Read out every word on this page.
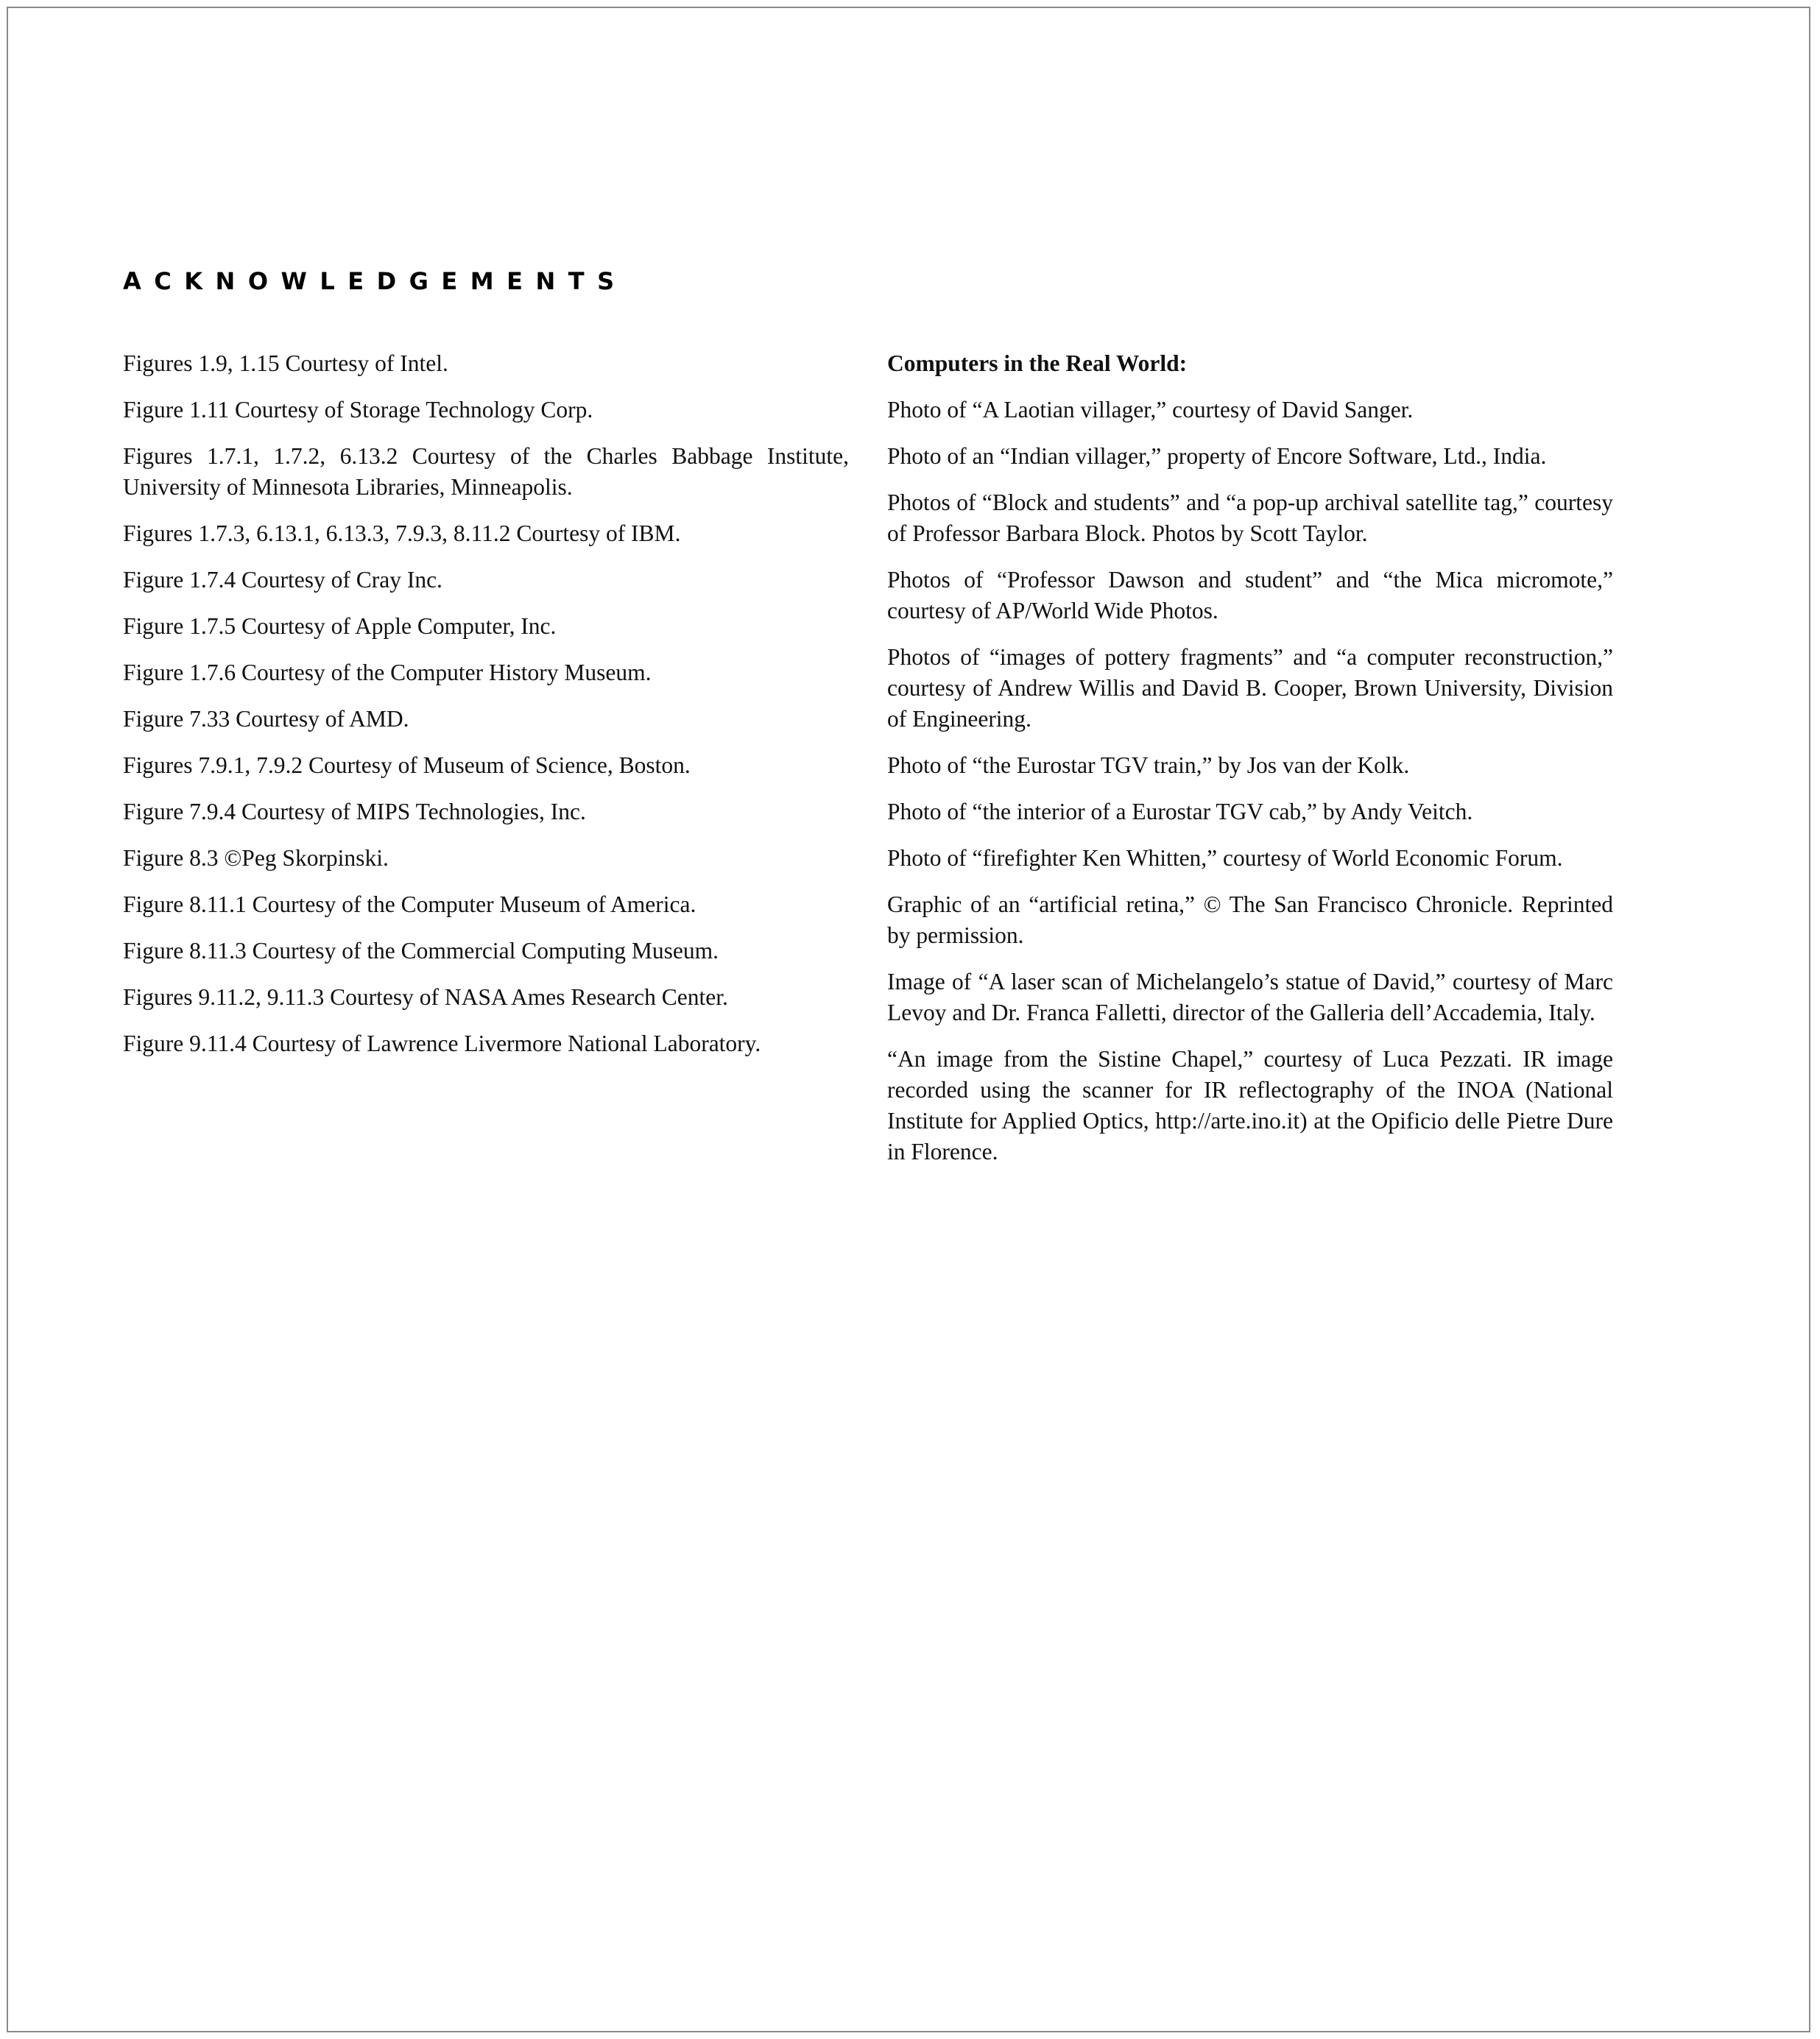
ACKNOWLEDGEMENTS

Figures 1.9, 1.15 Courtesy of Intel.

Figure 1.11 Courtesy of Storage Technology Corp.

Figures 1.7.1, 1.7.2, 6.13.2 Courtesy of the Charles Babbage Institute, University of Minnesota Libraries, Minneapolis.

Figures 1.7.3, 6.13.1, 6.13.3, 7.9.3, 8.11.2 Courtesy of IBM.

Figure 1.7.4 Courtesy of Cray Inc.

Figure 1.7.5 Courtesy of Apple Computer, Inc.

Figure 1.7.6 Courtesy of the Computer History Museum.

Figure 7.33 Courtesy of AMD.

Figures 7.9.1, 7.9.2 Courtesy of Museum of Science, Boston.

Figure 7.9.4 Courtesy of MIPS Technologies, Inc.

Figure 8.3 ©Peg Skorpinski.

Figure 8.11.1 Courtesy of the Computer Museum of America.

Figure 8.11.3 Courtesy of the Commercial Computing Museum.

Figures 9.11.2, 9.11.3 Courtesy of NASA Ames Research Center.

Figure 9.11.4 Courtesy of Lawrence Livermore National Laboratory.

Computers in the Real World:

Photo of “A Laotian villager,” courtesy of David Sanger.

Photo of an “Indian villager,” property of Encore Software, Ltd., India.

Photos of “Block and students” and “a pop-up archival satellite tag,” courtesy of Professor Barbara Block. Photos by Scott Taylor.

Photos of “Professor Dawson and student” and “the Mica micromote,” courtesy of AP/World Wide Photos.

Photos of “images of pottery fragments” and “a computer reconstruction,” courtesy of Andrew Willis and David B. Cooper, Brown University, Division of Engineering.

Photo of “the Eurostar TGV train,” by Jos van der Kolk.

Photo of “the interior of a Eurostar TGV cab,” by Andy Veitch.

Photo of “firefighter Ken Whitten,” courtesy of World Economic Forum.

Graphic of an “artificial retina,” © The San Francisco Chronicle. Reprinted by permission.

Image of “A laser scan of Michelangelo’s statue of David,” courtesy of Marc Levoy and Dr. Franca Falletti, director of the Galleria dell’Accademia, Italy.

“An image from the Sistine Chapel,” courtesy of Luca Pezzati. IR image recorded using the scanner for IR reflectography of the INOA (National Institute for Applied Optics, http://arte.ino.it) at the Opificio delle Pietre Dure in Florence.
